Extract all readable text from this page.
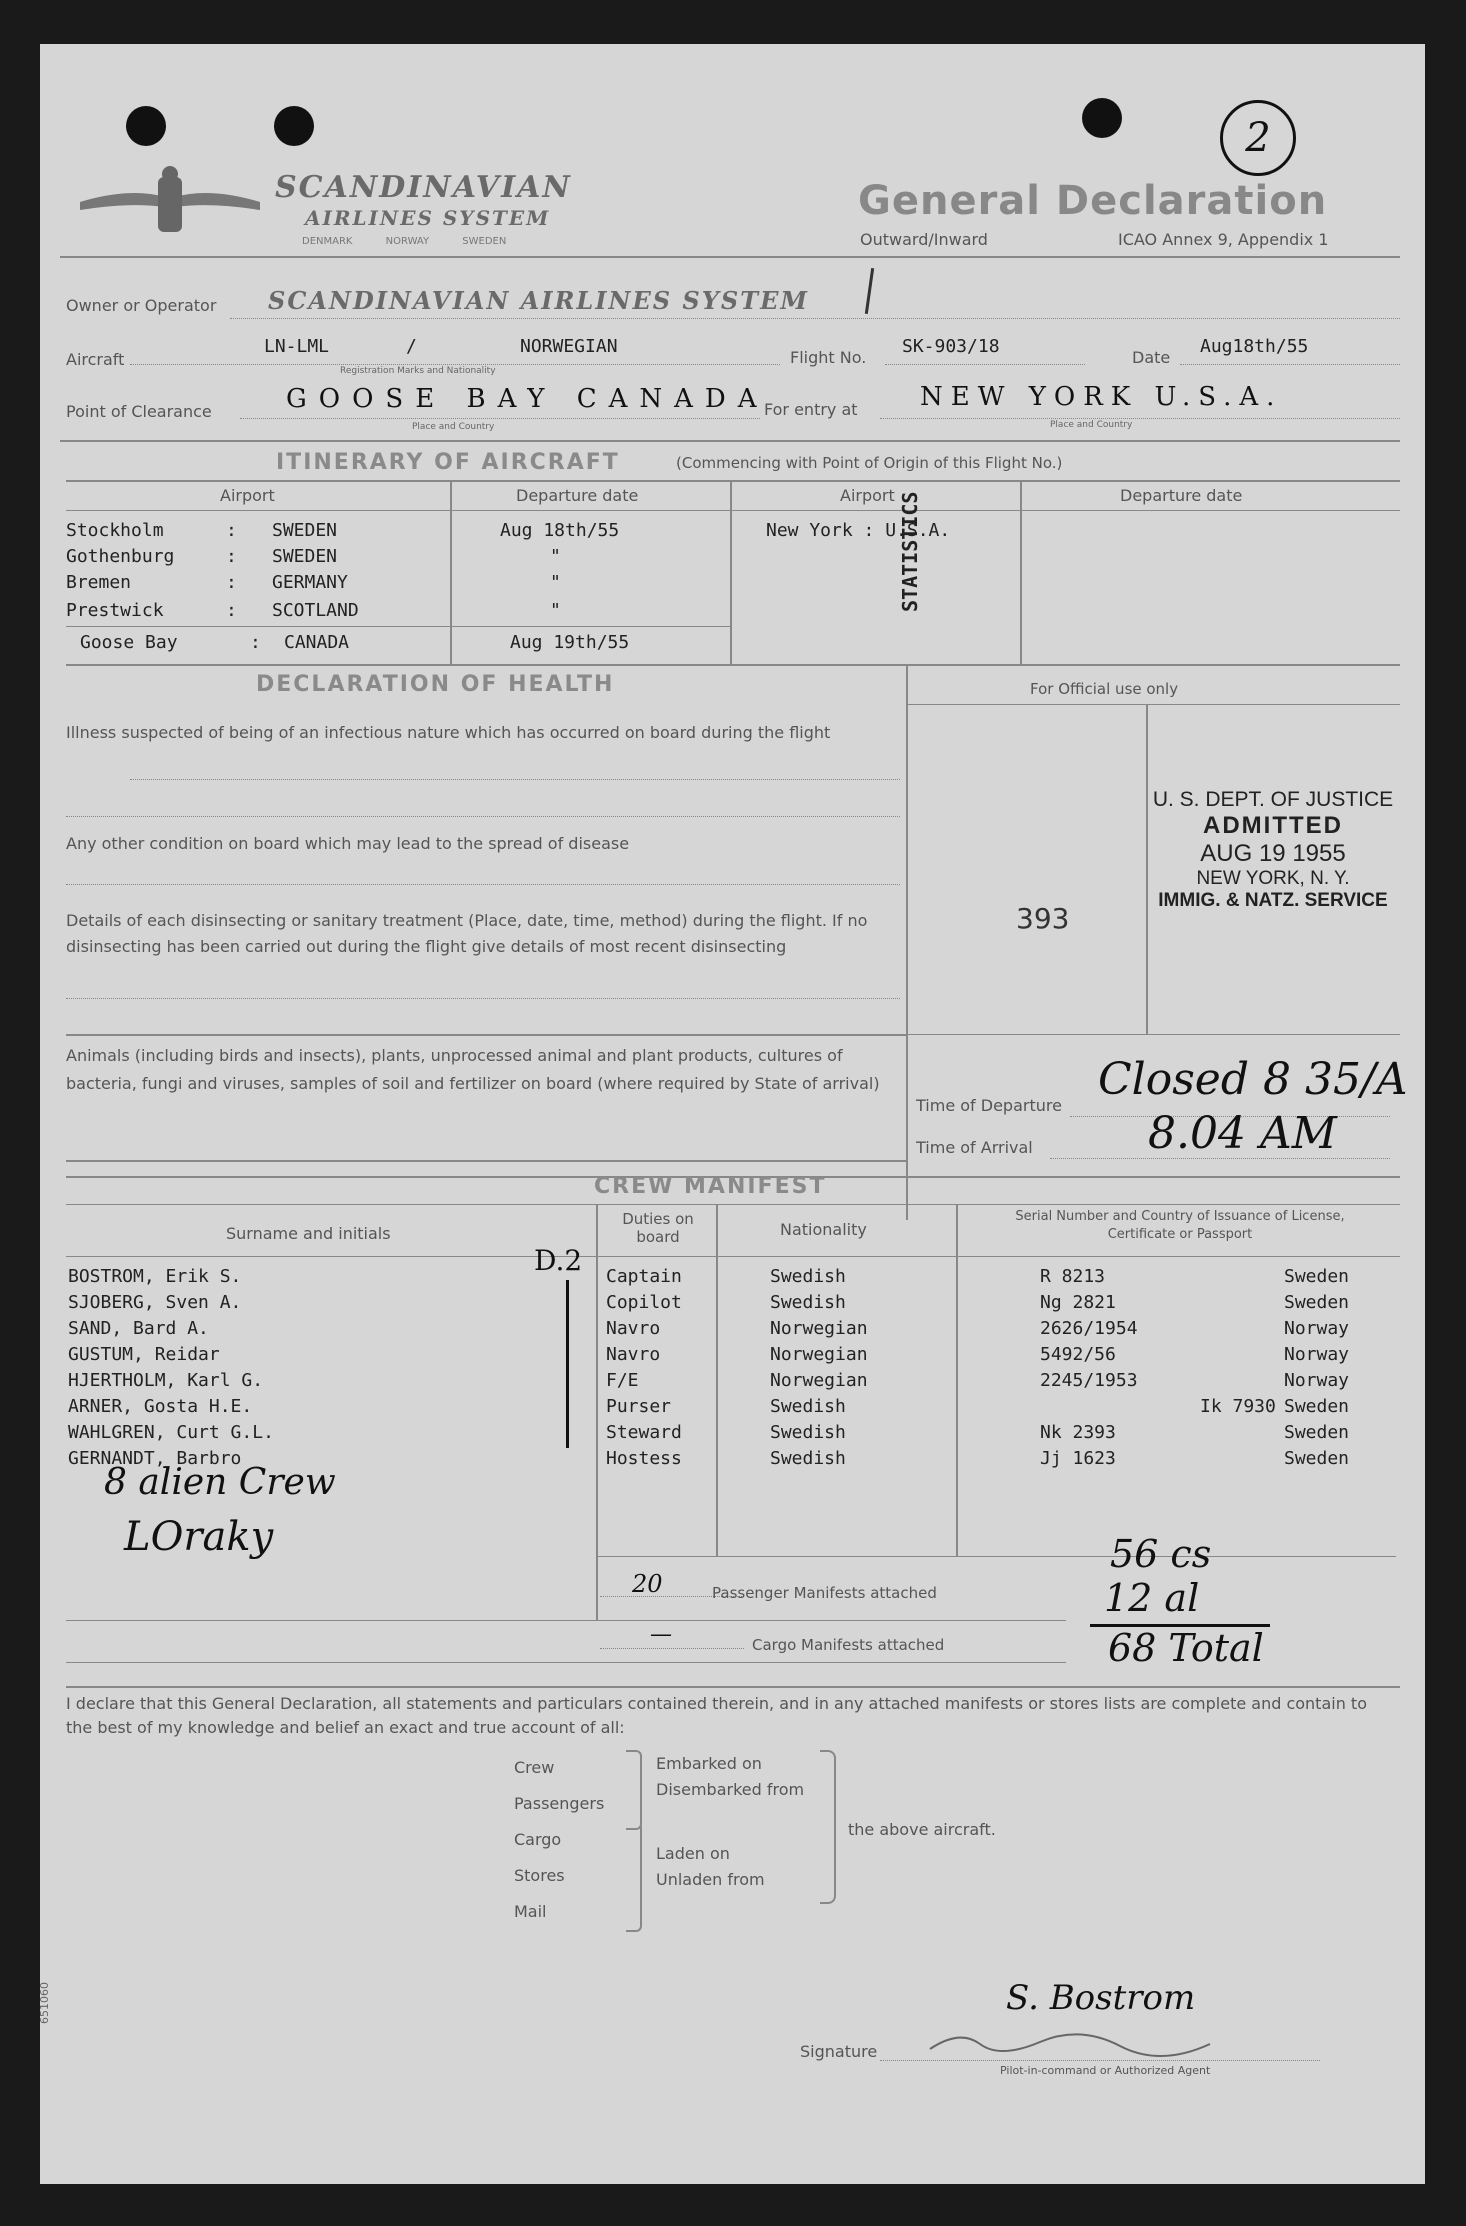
2
SCANDINAVIAN
AIRLINES SYSTEM
DENMARK	NORWAY	SWEDEN
General Declaration
Outward/Inward	ICAO Annex 9, Appendix 1
Owner or Operator SCANDINAVIAN AIRLINES SYSTEM
Aircraft
LN-LML	/	NORWEGIAN
Registration Marks and Nationality
Flight No.
SK-903/18
Date
Aug18th/55
Point of Clearance	GOOSE BAY CANADA
Place and Country
For entry at NEW YORK U.S.A.
Place and Country
ITINERARY OF AIRCRAFT	(Commencing with Point of Origin of this Flight No.)
Airport	Departure date	Airport	Departure date
Stockholm	: SWEDEN	Aug 18th/55
Gothenburg	: SWEDEN	"
Bremen	: GERMANY	"
Prestwick	: SCOTLAND	"
Goose Bay	: CANADA	Aug 19th/55
New York : U.S.A.
STATISTICS
DECLARATION OF HEALTH
Illness suspected of being of an infectious nature which has occurred on board during the flight
Any other condition on board which may lead to the spread of disease
Details of each disinsecting or sanitary treatment (Place, date, time, method) during the flight. If no disinsecting has been carried out during the flight give details of most recent disinsecting
Animals (including birds and insects), plants, unprocessed animal and plant products, cultures of bacteria, fungi and viruses, samples of soil and fertilizer on board (where required by State of arrival)
For Official use only
393
U. S. DEPT. OF JUSTICE
ADMITTED
AUG 19 1955
NEW YORK, N. Y.
IMMIG. & NATZ. SERVICE
Closed 8 35/A
Time of Departure
Time of Arrival	8.04 AM
CREW MANIFEST
Surname and initials
Duties on board	Nationality
Serial Number and Country of Issuance of License, Certificate or Passport
D.2
BOSTROM, Erik S.	Captain	Swedish	R 8213	Sweden
SJOBERG, Sven A.	Copilot	Swedish	Ng 2821	Sweden
SAND, Bard A.	Navro	Norwegian	2626/1954	Norway
GUSTUM, Reidar	Navro	Norwegian	5492/56	Norway
HJERTHOLM, Karl G.	F/E	Norwegian	2245/1953	Norway
ARNER, Gosta H.E.	Purser	Swedish	Ik 7930 Sweden
WAHLGREN, Curt G.L.	Steward	Swedish	Nk 2393	Sweden
GERNANDT, Barbro	Hostess	Swedish	Jj 1623	Sweden
8 alien Crew
LOraky
20	Passenger Manifests attached
—	Cargo Manifests attached
56 cs
12 al
68 Total
I declare that this General Declaration, all statements and particulars contained therein, and in any attached manifests or stores lists are complete and contain to the best of my knowledge and belief an exact and true account of all:
Crew
Passengers
Cargo
Stores
Mail
Embarked on
Disembarked from
Laden on
Unladen from
the above aircraft.
S. Bostrom
Signature
Pilot-in-command or Authorized Agent
651060
